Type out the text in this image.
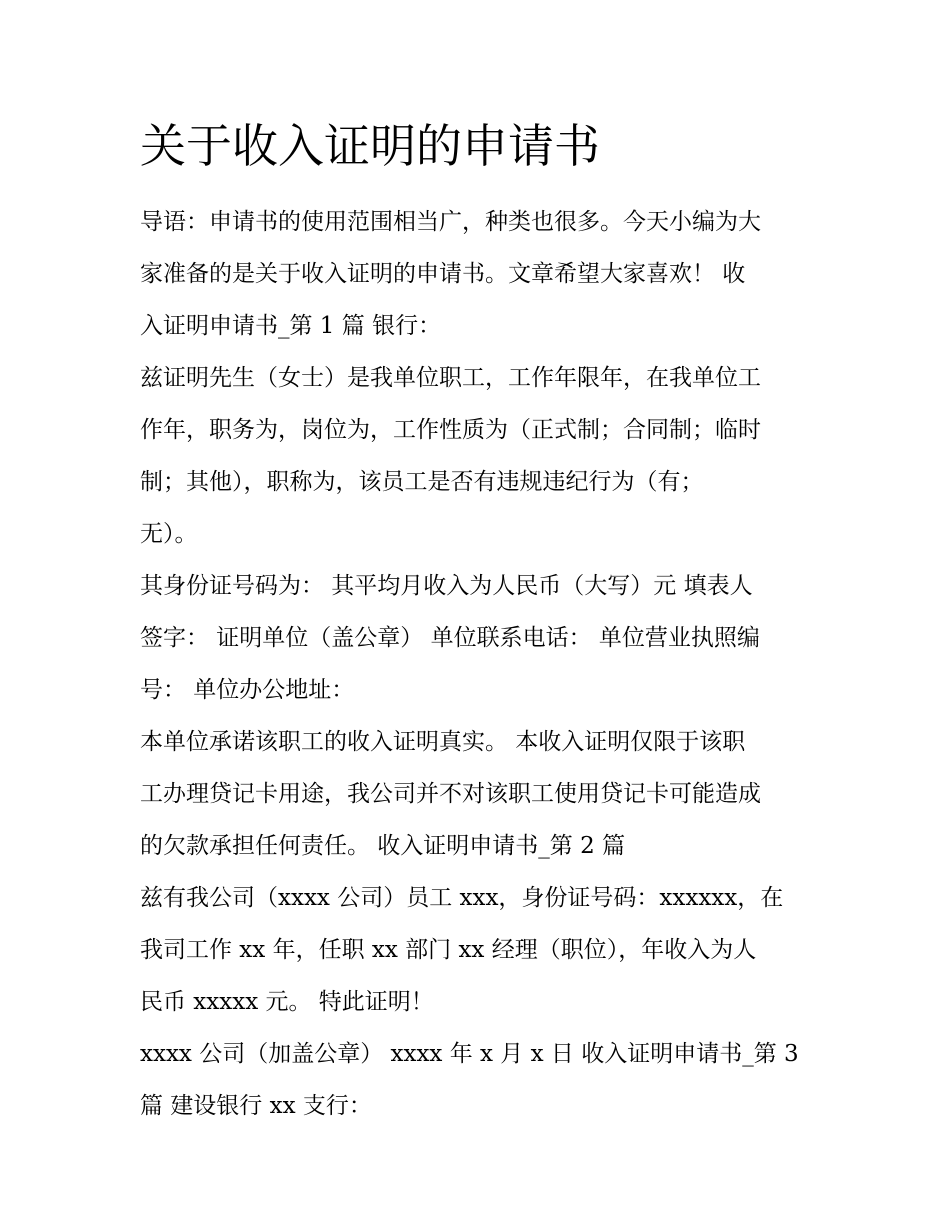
关于收入证明的申请书
导语：申请书的使用范围相当广，种类也很多。今天小编为大
家准备的是关于收入证明的申请书。文章希望大家喜欢！ 收
入证明申请书_第 1 篇 银行：
兹证明先生（女士）是我单位职工，工作年限年，在我单位工
作年，职务为，岗位为，工作性质为（正式制；合同制；临时
制；其他），职称为，该员工是否有违规违纪行为（有；
无）。
其身份证号码为： 其平均月收入为人民币（大写）元 填表人
签字： 证明单位（盖公章） 单位联系电话： 单位营业执照编
号： 单位办公地址：
本单位承诺该职工的收入证明真实。 本收入证明仅限于该职
工办理贷记卡用途，我公司并不对该职工使用贷记卡可能造成
的欠款承担任何责任。 收入证明申请书_第 2 篇
兹有我公司（xxxx 公司）员工 xxx，身份证号码：xxxxxx，在
我司工作 xx 年，任职 xx 部门 xx 经理（职位），年收入为人
民币 xxxxx 元。 特此证明！
xxxx 公司（加盖公章） xxxx 年 x 月 x 日 收入证明申请书_第 3
篇 建设银行 xx 支行：
